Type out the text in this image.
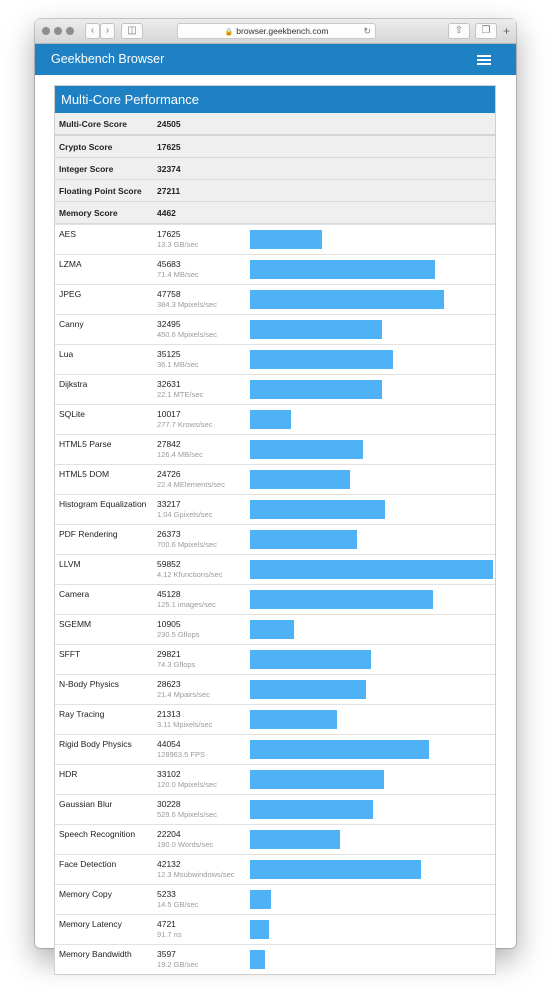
‹	›	◫	🔒 browser.geekbench.com	↻	⇧	❐	+
Geekbench Browser
Multi-Core Performance
Multi-Core Score	24505
Crypto Score	17625
Integer Score	32374
Floating Point Score 27211
Memory Score	4462
AES	17625
13.3 GB/sec
LZMA	45683
71.4 MB/sec
JPEG	47758
384.3 Mpixels/sec
Canny	32495
450.6 Mpixels/sec
Lua	35125
36.1 MB/sec
Dijkstra	32631
22.1 MTE/sec
SQLite	10017
277.7 Krows/sec
HTML5 Parse	27842
126.4 MB/sec
HTML5 DOM	24726
22.4 MElements/sec
Histogram Equalization 33217
1.04 Gpixels/sec
PDF Rendering	26373
700.6 Mpixels/sec
LLVM	59852
4.12 Kfunctions/sec
Camera	45128
125.1 images/sec
SGEMM	10905
230.5 Gflops
SFFT	29821
74.3 Gflops
N-Body Physics	28623
21.4 Mpairs/sec
Ray Tracing	21313
3.11 Mpixels/sec
Rigid Body Physics	44054
128963.5 FPS
HDR	33102
120.0 Mpixels/sec
Gaussian Blur	30228
529.6 Mpixels/sec
Speech Recognition	22204
190.0 Words/sec
Face Detection	42132
12.3 Msubwindows/sec
Memory Copy	5233
14.5 GB/sec
Memory Latency	4721
91.7 ns
Memory Bandwidth	3597
19.2 GB/sec
